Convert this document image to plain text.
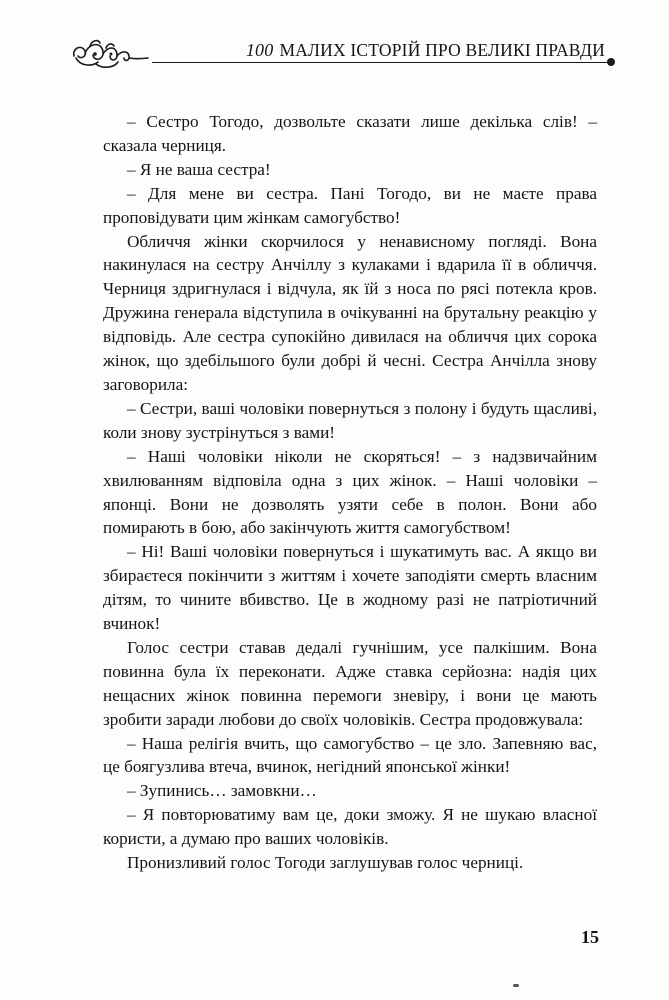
100 МАЛИХ ІСТОРІЙ ПРО ВЕЛИКІ ПРАВДИ

– Сестро Тогодо, дозвольте сказати лише декілька слів! – сказала черниця.

– Я не ваша сестра!

– Для мене ви сестра. Пані Тогодо, ви не маєте права проповідувати цим жінкам самогубство!

Обличчя жінки скорчилося у ненависному погляді. Вона накинулася на сестру Анчіллу з кулаками і вдарила її в обличчя. Черниця здригнулася і відчула, як їй з носа по рясі потекла кров. Дружина генерала відступила в очікуванні на брутальну реакцію у відповідь. Але сестра супокійно дивилася на обличчя цих сорока жінок, що здебільшого були добрі й чесні. Сестра Анчілла знову заговорила:

– Сестри, ваші чоловіки повернуться з полону і будуть щасливі, коли знову зустрінуться з вами!

– Наші чоловіки ніколи не скоряться! – з надзвичайним хвилюванням відповіла одна з цих жінок. – Наші чоловіки – японці. Вони не дозволять узяти себе в полон. Вони або помирають в бою, або закінчують життя самогубством!

– Ні! Ваші чоловіки повернуться і шукатимуть вас. А якщо ви збираєтеся покінчити з життям і хочете заподіяти смерть власним дітям, то чините вбивство. Це в жодному разі не патріотичний вчинок!

Голос сестри ставав дедалі гучнішим, усе палкішим. Вона повинна була їх переконати. Адже ставка серйозна: надія цих нещасних жінок повинна перемоги зневіру, і вони це мають зробити заради любови до своїх чоловіків. Сестра продовжувала:

– Наша релігія вчить, що самогубство – це зло. Запевняю вас, це боягузлива втеча, вчинок, негідний японської жінки!

– Зупинись… замовкни…

– Я повторюватиму вам це, доки зможу. Я не шукаю власної користи, а думаю про ваших чоловіків.

Пронизливий голос Тогоди заглушував голос черниці.

15
